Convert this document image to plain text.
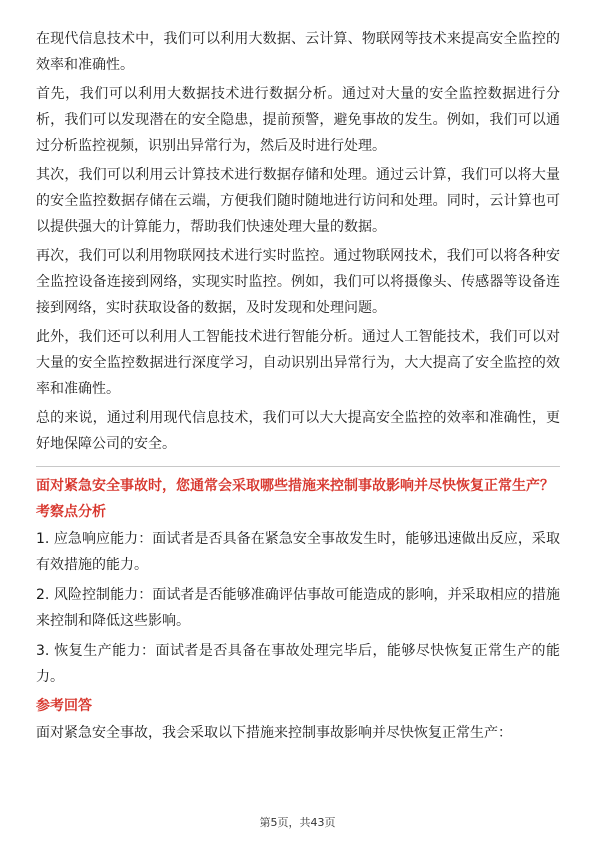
在现代信息技术中，我们可以利用大数据、云计算、物联网等技术来提高安全监控的效率和准确性。

首先，我们可以利用大数据技术进行数据分析。通过对大量的安全监控数据进行分析，我们可以发现潜在的安全隐患，提前预警，避免事故的发生。例如，我们可以通过分析监控视频，识别出异常行为，然后及时进行处理。

其次，我们可以利用云计算技术进行数据存储和处理。通过云计算，我们可以将大量的安全监控数据存储在云端，方便我们随时随地进行访问和处理。同时，云计算也可以提供强大的计算能力，帮助我们快速处理大量的数据。

再次，我们可以利用物联网技术进行实时监控。通过物联网技术，我们可以将各种安全监控设备连接到网络，实现实时监控。例如，我们可以将摄像头、传感器等设备连接到网络，实时获取设备的数据，及时发现和处理问题。

此外，我们还可以利用人工智能技术进行智能分析。通过人工智能技术，我们可以对大量的安全监控数据进行深度学习，自动识别出异常行为，大大提高了安全监控的效率和准确性。

总的来说，通过利用现代信息技术，我们可以大大提高安全监控的效率和准确性，更好地保障公司的安全。

面对紧急安全事故时，您通常会采取哪些措施来控制事故影响并尽快恢复正常生产？
考察点分析

1. 应急响应能力：面试者是否具备在紧急安全事故发生时，能够迅速做出反应，采取有效措施的能力。

2. 风险控制能力：面试者是否能够准确评估事故可能造成的影响，并采取相应的措施来控制和降低这些影响。

3. 恢复生产能力：面试者是否具备在事故处理完毕后，能够尽快恢复正常生产的能力。

参考回答

面对紧急安全事故，我会采取以下措施来控制事故影响并尽快恢复正常生产：

第5页，共43页
